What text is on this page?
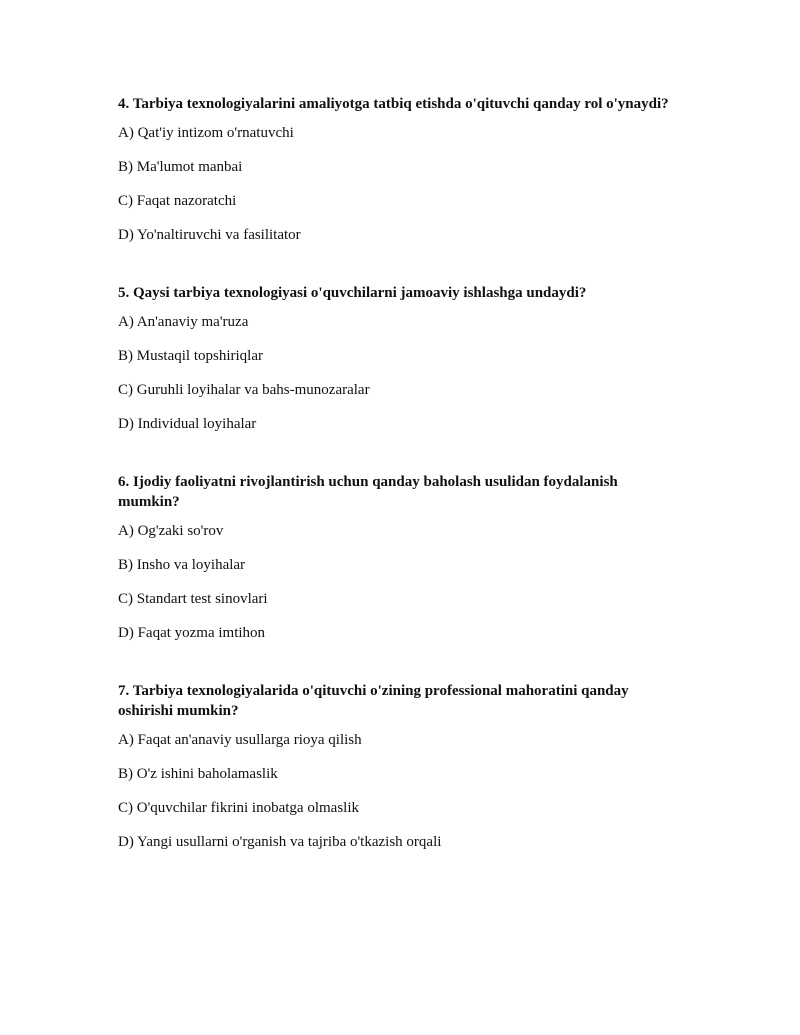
4. Tarbiya texnologiyalarini amaliyotga tatbiq etishda o'qituvchi qanday rol o'ynaydi?

A) Qat'iy intizom o'rnatuvchi

B) Ma'lumot manbai

C) Faqat nazoratchi

D) Yo'naltiruvchi va fasilitator

5. Qaysi tarbiya texnologiyasi o'quvchilarni jamoaviy ishlashga undaydi?

A) An'anaviy ma'ruza

B) Mustaqil topshiriqlar

C) Guruhli loyihalar va bahs-munozaralar

D) Individual loyihalar

6. Ijodiy faoliyatni rivojlantirish uchun qanday baholash usulidan foydalanish mumkin?

A) Og'zaki so'rov

B) Insho va loyihalar

C) Standart test sinovlari

D) Faqat yozma imtihon

7. Tarbiya texnologiyalarida o'qituvchi o'zining professional mahoratini qanday oshirishi mumkin?

A) Faqat an'anaviy usullarga rioya qilish

B) O'z ishini baholamaslik

C) O'quvchilar fikrini inobatga olmaslik

D) Yangi usullarni o'rganish va tajriba o'tkazish orqali
